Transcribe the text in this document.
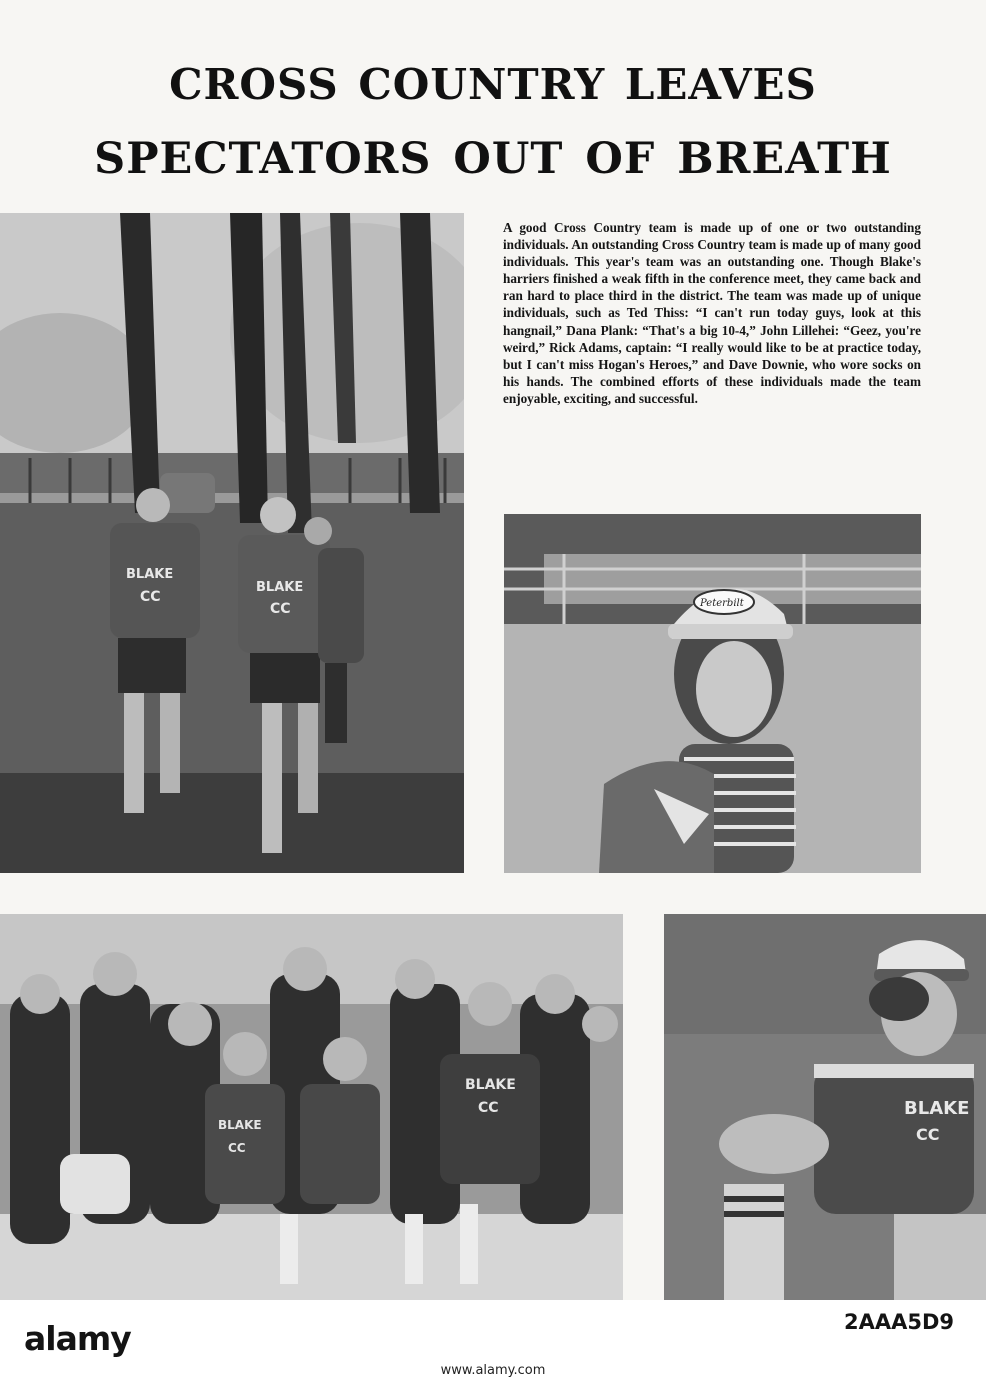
CROSS COUNTRY LEAVES
SPECTATORS OUT OF BREATH
BLAKE
CC
BLAKE
CC

A good Cross Country team is made up of one or two outstanding individuals. An outstanding Cross Country team is made up of many good individuals. This year's team was an outstanding one. Though Blake's harriers finished a weak fifth in the conference meet, they came back and ran hard to place third in the district. The team was made up of unique individuals, such as Ted Thiss: “I can't run today guys, look at this hangnail,” Dana Plank: “That's a big 10-4,” John Lillehei: “Geez, you're weird,” Rick Adams, captain: “I really would like to be at practice today, but I can't miss Hogan's Heroes,” and Dave Downie, who wore socks on his hands. The combined efforts of these individuals made the team enjoyable, exciting, and successful.

Peterbilt
BLAKE
CC
BLAKE
CC	BLAKE
CC
alamy	2AAA5D9
www.alamy.com
